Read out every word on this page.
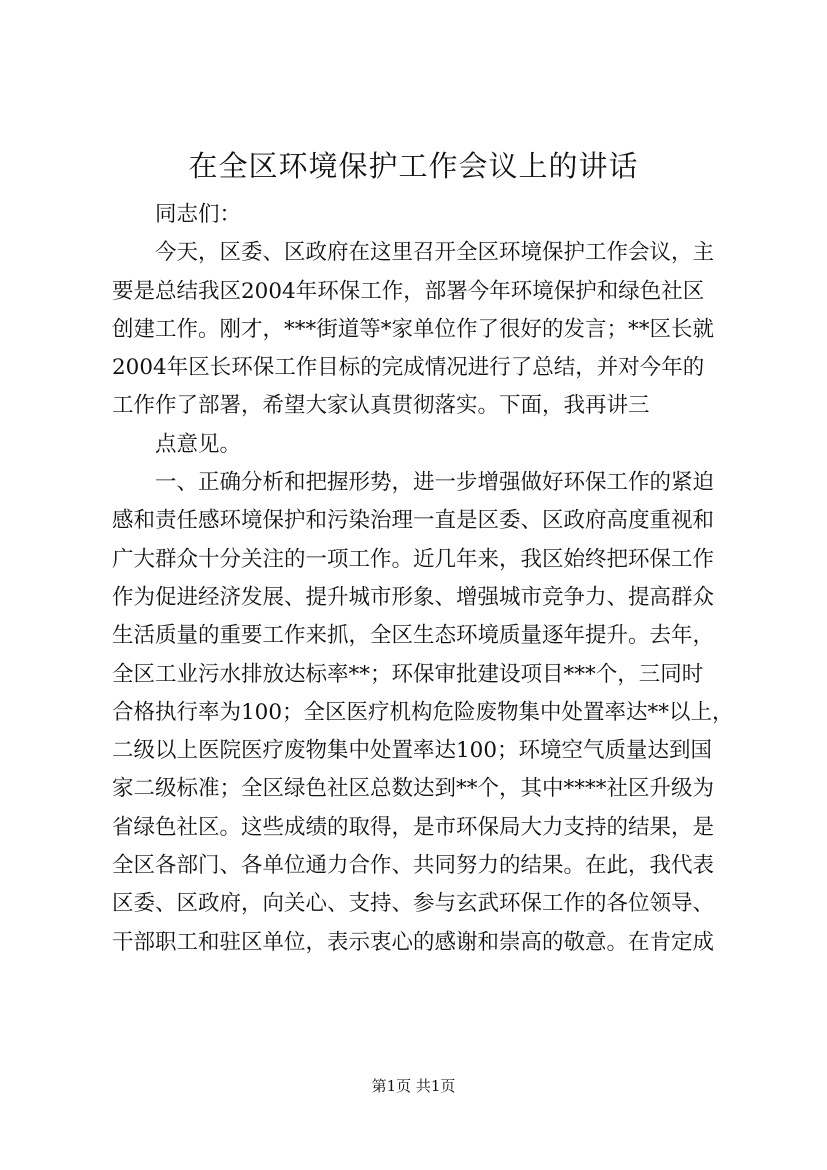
在全区环境保护工作会议上的讲话
同志们：
今天，区委、区政府在这里召开全区环境保护工作会议，主
要是总结我区2004年环保工作，部署今年环境保护和绿色社区
创建工作。刚才，***街道等*家单位作了很好的发言；**区长就
2004年区长环保工作目标的完成情况进行了总结，并对今年的
工作作了部署，希望大家认真贯彻落实。下面，我再讲三
点意见。
一、正确分析和把握形势，进一步增强做好环保工作的紧迫
感和责任感环境保护和污染治理一直是区委、区政府高度重视和
广大群众十分关注的一项工作。近几年来，我区始终把环保工作
作为促进经济发展、提升城市形象、增强城市竞争力、提高群众
生活质量的重要工作来抓，全区生态环境质量逐年提升。去年，
全区工业污水排放达标率**；环保审批建设项目***个，三同时
合格执行率为100；全区医疗机构危险废物集中处置率达**以上，
二级以上医院医疗废物集中处置率达100；环境空气质量达到国
家二级标准；全区绿色社区总数达到**个，其中****社区升级为
省绿色社区。这些成绩的取得，是市环保局大力支持的结果，是
全区各部门、各单位通力合作、共同努力的结果。在此，我代表
区委、区政府，向关心、支持、参与玄武环保工作的各位领导、
干部职工和驻区单位，表示衷心的感谢和崇高的敬意。在肯定成
第1页 共1页
